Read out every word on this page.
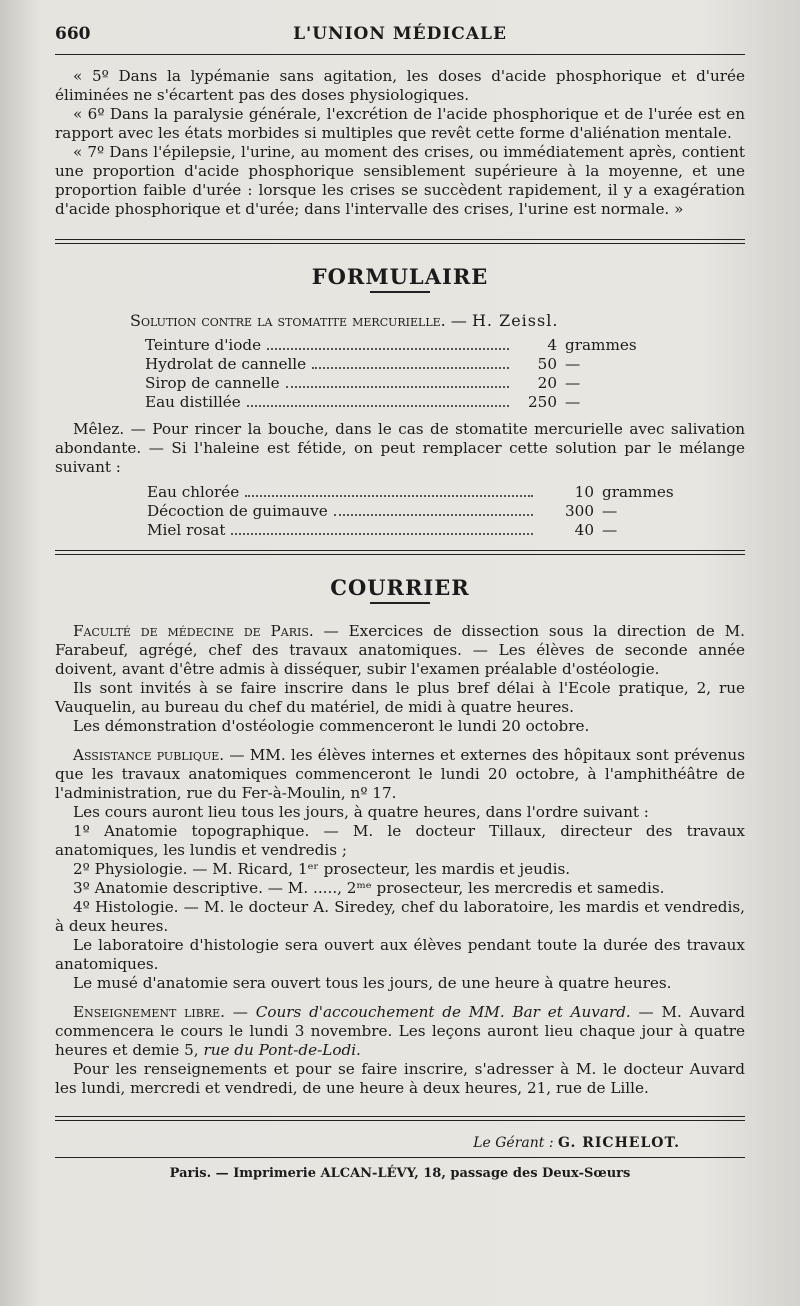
660	L'UNION MÉDICALE

« 5º Dans la lypémanie sans agitation, les doses d'acide phosphorique et d'urée éliminées ne s'écartent pas des doses physiologiques.

« 6º Dans la paralysie générale, l'excrétion de l'acide phosphorique et de l'urée est en rapport avec les états morbides si multiples que revêt cette forme d'aliénation mentale.

« 7º Dans l'épilepsie, l'urine, au moment des crises, ou immédiatement après, contient une proportion d'acide phosphorique sensiblement supérieure à la moyenne, et une proportion faible d'urée : lorsque les crises se succèdent rapidement, il y a exagération d'acide phosphorique et d'urée; dans l'intervalle des crises, l'urine est normale. »

FORMULAIRE
Solution contre la stomatite mercurielle. — H. Zeissl.
Teinture d'iode	4 grammes
Hydrolat de cannelle	50 —
Sirop de cannelle	20 —
Eau distillée	250 —

Mêlez. — Pour rincer la bouche, dans le cas de stomatite mercurielle avec salivation abondante. — Si l'haleine est fétide, on peut remplacer cette solution par le mélange suivant :

Eau chlorée	10 grammes
Décoction de guimauve	300 —
Miel rosat	40 —
COURRIER

Faculté de médecine de Paris. — Exercices de dissection sous la direction de M. Farabeuf, agrégé, chef des travaux anatomiques. — Les élèves de seconde année doivent, avant d'être admis à disséquer, subir l'examen préalable d'ostéologie.

Ils sont invités à se faire inscrire dans le plus bref délai à l'Ecole pratique, 2, rue Vauquelin, au bureau du chef du matériel, de midi à quatre heures.

Les démonstration d'ostéologie commenceront le lundi 20 octobre.

Assistance publique. — MM. les élèves internes et externes des hôpitaux sont prévenus que les travaux anatomiques commenceront le lundi 20 octobre, à l'amphithéâtre de l'administration, rue du Fer-à-Moulin, nº 17.

Les cours auront lieu tous les jours, à quatre heures, dans l'ordre suivant :

1º Anatomie topographique. — M. le docteur Tillaux, directeur des travaux anatomiques, les lundis et vendredis ;

2º Physiologie. — M. Ricard, 1ᵉʳ prosecteur, les mardis et jeudis.

3º Anatomie descriptive. — M. ....., 2ᵐᵉ prosecteur, les mercredis et samedis.

4º Histologie. — M. le docteur A. Siredey, chef du laboratoire, les mardis et vendredis, à deux heures.

Le laboratoire d'histologie sera ouvert aux élèves pendant toute la durée des travaux anatomiques.

Le musé d'anatomie sera ouvert tous les jours, de une heure à quatre heures.

Enseignement libre. — Cours d'accouchement de MM. Bar et Auvard. — M. Auvard commencera le cours le lundi 3 novembre. Les leçons auront lieu chaque jour à quatre heures et demie 5, rue du Pont-de-Lodi.

Pour les renseignements et pour se faire inscrire, s'adresser à M. le docteur Auvard les lundi, mercredi et vendredi, de une heure à deux heures, 21, rue de Lille.

Le Gérant : G. RICHELOT.
Paris. — Imprimerie ALCAN-LÉVY, 18, passage des Deux-Sœurs
